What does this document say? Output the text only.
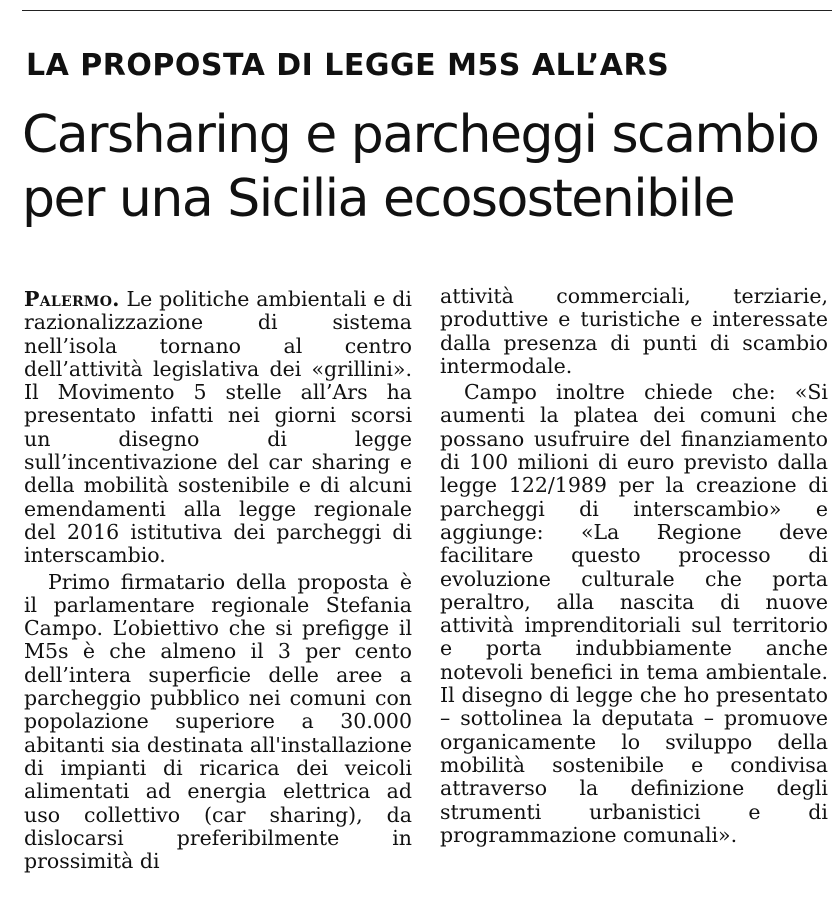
LA PROPOSTA DI LEGGE M5S ALL’ARS
Carsharing e parcheggi scambio
per una Sicilia ecosostenibile

Palermo. Le politiche ambientali e di razionalizzazione di sistema nell’isola tornano al centro dell’attività legislativa dei «grillini». Il Movimento 5 stelle all’Ars ha presentato infatti nei giorni scorsi un disegno di legge sull’incentivazione del car sharing e della mobilità sostenibile e di alcuni emendamenti alla legge regionale del 2016 istitutiva dei parcheggi di interscambio.

Primo firmatario della proposta è il parlamentare regionale Stefania Campo. L’obiettivo che si prefigge il M5s è che almeno il 3 per cento dell’intera superficie delle aree a parcheggio pubblico nei comuni con popolazione superiore a 30.000 abitanti sia destinata all'installazione di impianti di ricarica dei veicoli alimentati ad energia elettrica ad uso collettivo (car sharing), da dislocarsi preferibilmente in prossimità di

attività commerciali, terziarie, produttive e turistiche e interessate dalla presenza di punti di scambio intermodale.

Campo inoltre chiede che: «Si aumenti la platea dei comuni che possano usufruire del finanziamento di 100 milioni di euro previsto dalla legge 122/1989 per la creazione di parcheggi di interscambio» e aggiunge: «La Regione deve facilitare questo processo di evoluzione culturale che porta peraltro, alla nascita di nuove attività imprenditoriali sul territorio e porta indubbiamente anche notevoli benefici in tema ambientale. Il disegno di legge che ho presentato – sottolinea la deputata – promuove organicamente lo sviluppo della mobilità sostenibile e condivisa attraverso la definizione degli strumenti urbanistici e di programmazione comunali».
